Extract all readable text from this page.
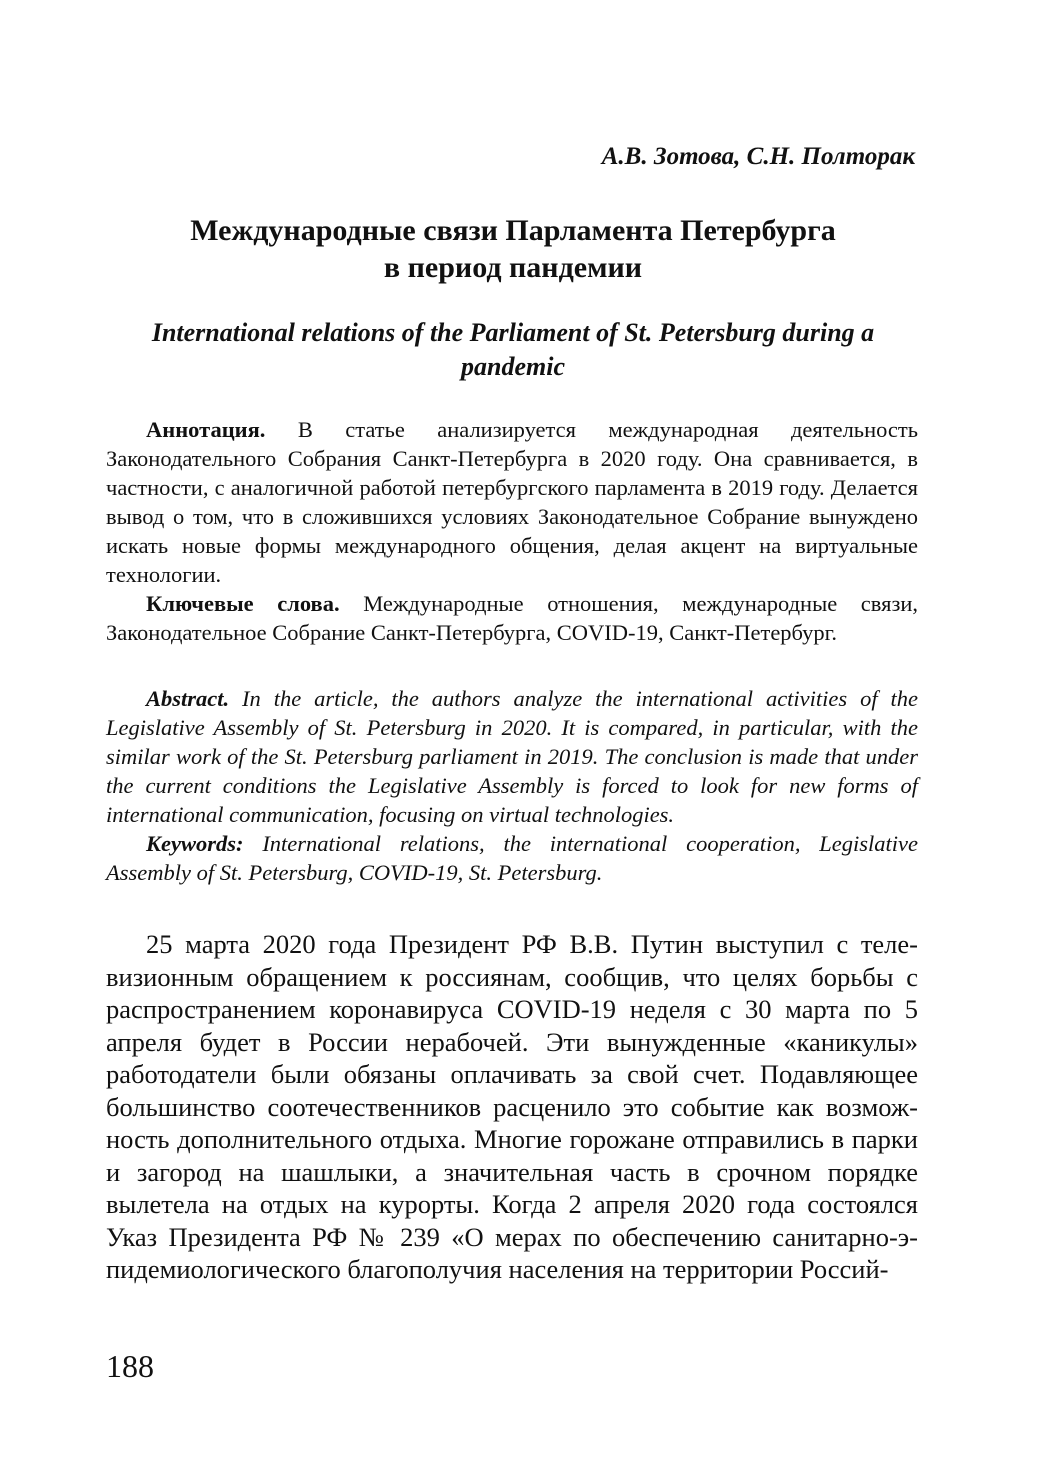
А.В. Зотова, С.Н. Полторак

Международные связи Парламента Петербурга
в период пандемии
International relations of the Parliament of St. Petersburg during a
pandemic

Аннотация. В статье анализируется международная деятельность Законодательного Собрания Санкт-Петербурга в 2020 году. Она сравнивается, в частности, с аналогичной работой петербургского парламента в 2019 году. Делается вывод о том, что в сложившихся условиях Законодательное Собрание вынуждено искать новые формы международного общения, делая акцент на виртуальные технологии.

Ключевые слова. Международные отношения, международные связи, Законодательное Собрание Санкт-Петербурга, COVID-19, Санкт-Петербург.

Abstract. In the article, the authors analyze the international activities of the Legislative Assembly of St. Petersburg in 2020. It is compared, in particular, with the similar work of the St. Petersburg parliament in 2019. The conclusion is made that under the current conditions the Legislative Assembly is forced to look for new forms of international communication, focusing on virtual technologies.

Keywords: International relations, the international cooperation, Legislative Assembly of St. Petersburg, COVID-19, St. Petersburg.

25 марта 2020 года Президент РФ В.В. Путин выступил с телевизионным обращением к россиянам, сообщив, что целях борьбы с распространением коронавируса COVID-19 неделя с 30 марта по 5 апреля будет в России нерабочей. Эти вынужденные «каникулы» работодатели были обязаны оплачивать за свой счет. Подавляющее большинство соотечественников расценило это событие как возможность дополнительного отдыха. Многие горожане отправились в парки и загород на шашлыки, а значительная часть в срочном порядке вылетела на отдых на курорты. Когда 2 апреля 2020 года состоялся Указ Президента РФ № 239 «О мерах по обеспечению санитарно-эпидемиологического благополучия населения на территории Россий-

188
